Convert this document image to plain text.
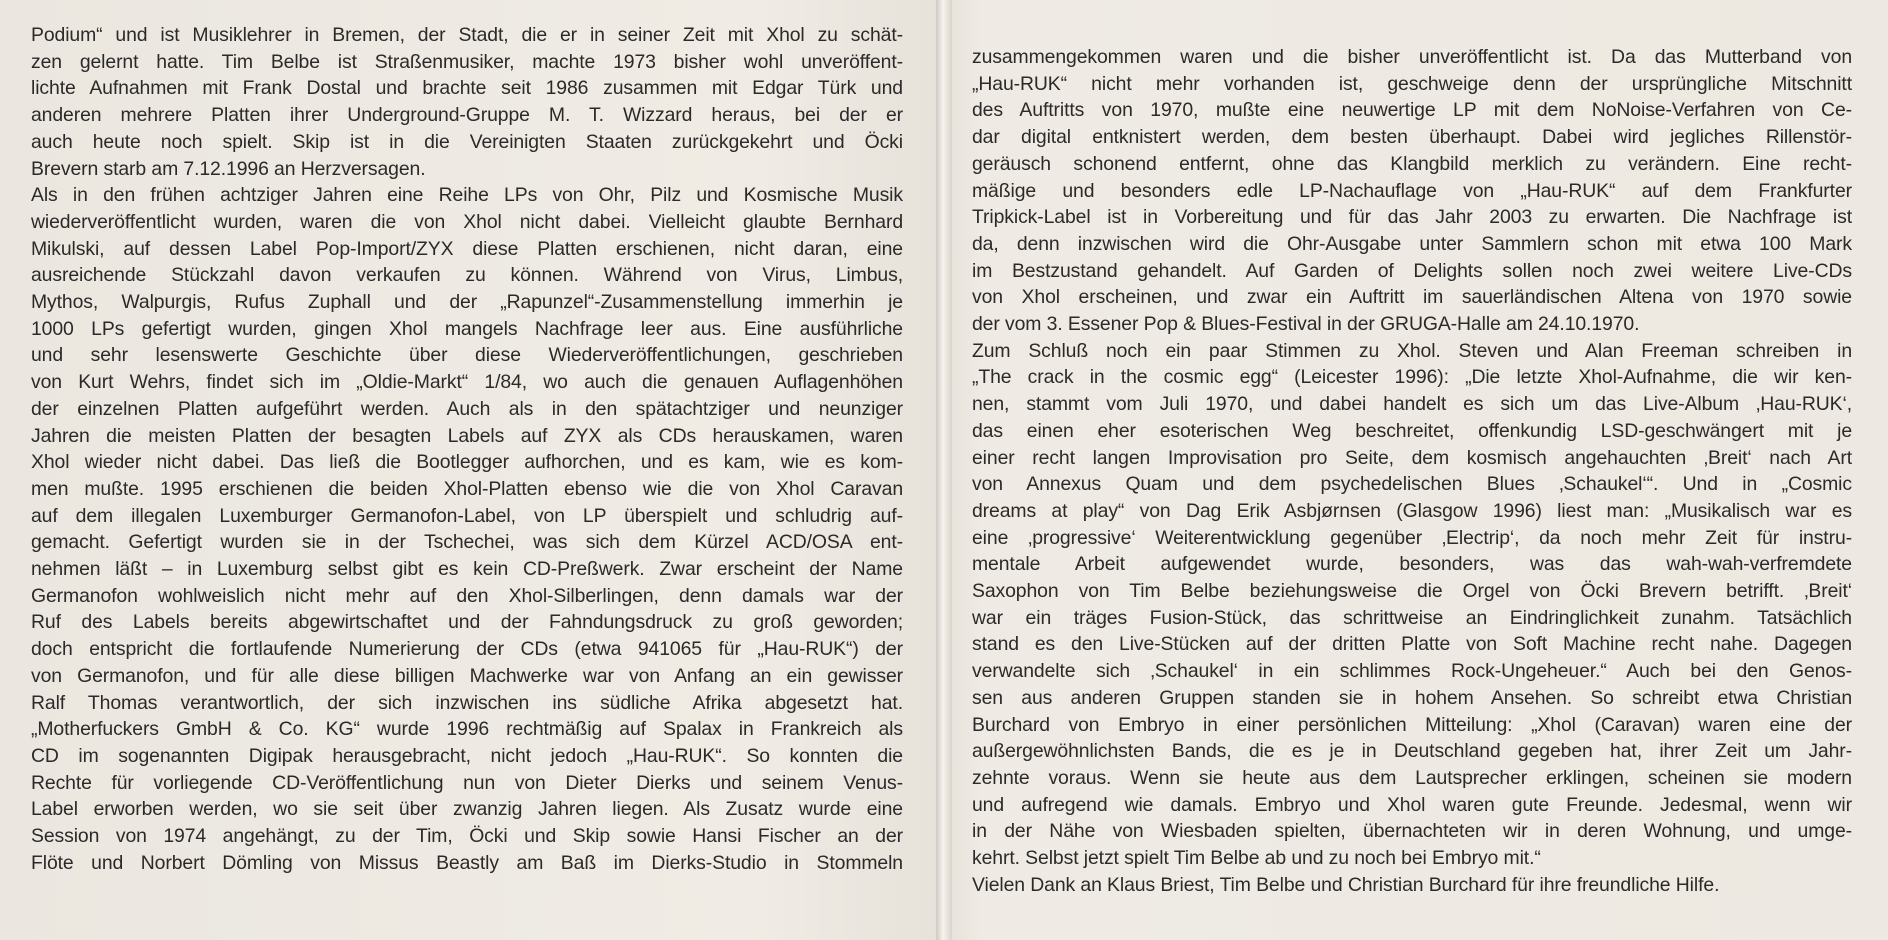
Podium“ und ist Musiklehrer in Bremen, der Stadt, die er in seiner Zeit mit Xhol zu schät-
zen gelernt hatte. Tim Belbe ist Straßenmusiker, machte 1973 bisher wohl unveröffent-
lichte Aufnahmen mit Frank Dostal und brachte seit 1986 zusammen mit Edgar Türk und
anderen mehrere Platten ihrer Underground-Gruppe M. T. Wizzard heraus, bei der er
auch heute noch spielt. Skip ist in die Vereinigten Staaten zurückgekehrt und Öcki
Brevern starb am 7.12.1996 an Herzversagen.
Als in den frühen achtziger Jahren eine Reihe LPs von Ohr, Pilz und Kosmische Musik
wiederveröffentlicht wurden, waren die von Xhol nicht dabei. Vielleicht glaubte Bernhard
Mikulski, auf dessen Label Pop-Import/ZYX diese Platten erschienen, nicht daran, eine
ausreichende Stückzahl davon verkaufen zu können. Während von Virus, Limbus,
Mythos, Walpurgis, Rufus Zuphall und der „Rapunzel“-Zusammenstellung immerhin je
1000 LPs gefertigt wurden, gingen Xhol mangels Nachfrage leer aus. Eine ausführliche
und sehr lesenswerte Geschichte über diese Wiederveröffentlichungen, geschrieben
von Kurt Wehrs, findet sich im „Oldie-Markt“ 1/84, wo auch die genauen Auflagenhöhen
der einzelnen Platten aufgeführt werden. Auch als in den spätachtziger und neunziger
Jahren die meisten Platten der besagten Labels auf ZYX als CDs herauskamen, waren
Xhol wieder nicht dabei. Das ließ die Bootlegger aufhorchen, und es kam, wie es kom-
men mußte. 1995 erschienen die beiden Xhol-Platten ebenso wie die von Xhol Caravan
auf dem illegalen Luxemburger Germanofon-Label, von LP überspielt und schludrig auf-
gemacht. Gefertigt wurden sie in der Tschechei, was sich dem Kürzel ACD/OSA ent-
nehmen läßt – in Luxemburg selbst gibt es kein CD-Preßwerk. Zwar erscheint der Name
Germanofon wohlweislich nicht mehr auf den Xhol-Silberlingen, denn damals war der
Ruf des Labels bereits abgewirtschaftet und der Fahndungsdruck zu groß geworden;
doch entspricht die fortlaufende Numerierung der CDs (etwa 941065 für „Hau-RUK“) der
von Germanofon, und für alle diese billigen Machwerke war von Anfang an ein gewisser
Ralf Thomas verantwortlich, der sich inzwischen ins südliche Afrika abgesetzt hat.
„Motherfuckers GmbH & Co. KG“ wurde 1996 rechtmäßig auf Spalax in Frankreich als
CD im sogenannten Digipak herausgebracht, nicht jedoch „Hau-RUK“. So konnten die
Rechte für vorliegende CD-Veröffentlichung nun von Dieter Dierks und seinem Venus-
Label erworben werden, wo sie seit über zwanzig Jahren liegen. Als Zusatz wurde eine
Session von 1974 angehängt, zu der Tim, Öcki und Skip sowie Hansi Fischer an der
Flöte und Norbert Dömling von Missus Beastly am Baß im Dierks-Studio in Stommeln
zusammengekommen waren und die bisher unveröffentlicht ist. Da das Mutterband von
„Hau-RUK“ nicht mehr vorhanden ist, geschweige denn der ursprüngliche Mitschnitt
des Auftritts von 1970, mußte eine neuwertige LP mit dem NoNoise-Verfahren von Ce-
dar digital entknistert werden, dem besten überhaupt. Dabei wird jegliches Rillenstör-
geräusch schonend entfernt, ohne das Klangbild merklich zu verändern. Eine recht-
mäßige und besonders edle LP-Nachauflage von „Hau-RUK“ auf dem Frankfurter
Tripkick-Label ist in Vorbereitung und für das Jahr 2003 zu erwarten. Die Nachfrage ist
da, denn inzwischen wird die Ohr-Ausgabe unter Sammlern schon mit etwa 100 Mark
im Bestzustand gehandelt. Auf Garden of Delights sollen noch zwei weitere Live-CDs
von Xhol erscheinen, und zwar ein Auftritt im sauerländischen Altena von 1970 sowie
der vom 3. Essener Pop & Blues-Festival in der GRUGA-Halle am 24.10.1970.
Zum Schluß noch ein paar Stimmen zu Xhol. Steven und Alan Freeman schreiben in
„The crack in the cosmic egg“ (Leicester 1996): „Die letzte Xhol-Aufnahme, die wir ken-
nen, stammt vom Juli 1970, und dabei handelt es sich um das Live-Album ‚Hau-RUK‘,
das einen eher esoterischen Weg beschreitet, offenkundig LSD-geschwängert mit je
einer recht langen Improvisation pro Seite, dem kosmisch angehauchten ‚Breit‘ nach Art
von Annexus Quam und dem psychedelischen Blues ‚Schaukel‘“. Und in „Cosmic
dreams at play“ von Dag Erik Asbjørnsen (Glasgow 1996) liest man: „Musikalisch war es
eine ‚progressive‘ Weiterentwicklung gegenüber ‚Electrip‘, da noch mehr Zeit für instru-
mentale Arbeit aufgewendet wurde, besonders, was das wah-wah-verfremdete
Saxophon von Tim Belbe beziehungsweise die Orgel von Öcki Brevern betrifft. ‚Breit‘
war ein träges Fusion-Stück, das schrittweise an Eindringlichkeit zunahm. Tatsächlich
stand es den Live-Stücken auf der dritten Platte von Soft Machine recht nahe. Dagegen
verwandelte sich ‚Schaukel‘ in ein schlimmes Rock-Ungeheuer.“ Auch bei den Genos-
sen aus anderen Gruppen standen sie in hohem Ansehen. So schreibt etwa Christian
Burchard von Embryo in einer persönlichen Mitteilung: „Xhol (Caravan) waren eine der
außergewöhnlichsten Bands, die es je in Deutschland gegeben hat, ihrer Zeit um Jahr-
zehnte voraus. Wenn sie heute aus dem Lautsprecher erklingen, scheinen sie modern
und aufregend wie damals. Embryo und Xhol waren gute Freunde. Jedesmal, wenn wir
in der Nähe von Wiesbaden spielten, übernachteten wir in deren Wohnung, und umge-
kehrt. Selbst jetzt spielt Tim Belbe ab und zu noch bei Embryo mit.“
Vielen Dank an Klaus Briest, Tim Belbe und Christian Burchard für ihre freundliche Hilfe.
